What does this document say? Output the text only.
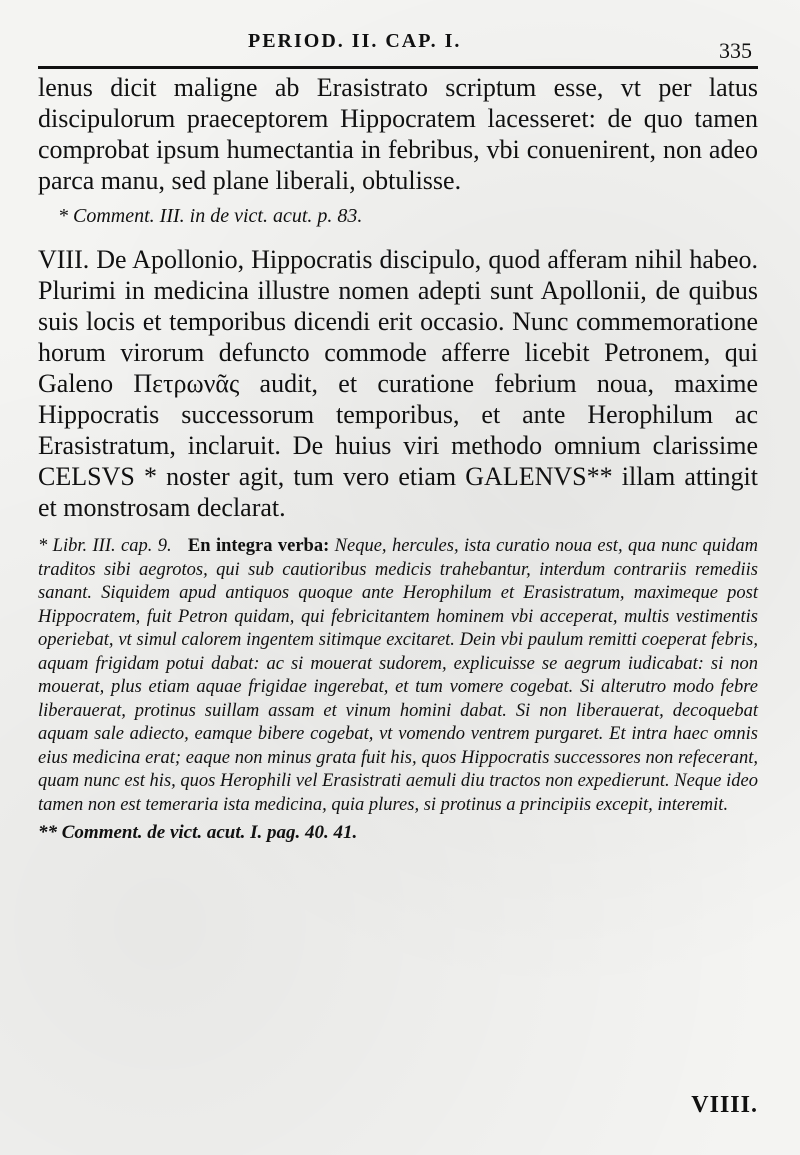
PERIOD. II. CAP. I.	335

lenus dicit maligne ab Erasistrato scriptum esse, vt per latus discipulorum praeceptorem Hippocratem lacesseret: de quo tamen comprobat ipsum humectantia in febribus, vbi conuenirent, non adeo parca manu, sed plane liberali, obtulisse.

* Comment. III. in de vict. acut. p. 83.

VIII. De Apollonio, Hippocratis discipulo, quod afferam nihil habeo. Plurimi in medicina illustre nomen adepti sunt Apollonii, de quibus suis locis et temporibus dicendi erit occasio. Nunc commemoratione horum virorum defuncto commode afferre licebit Petronem, qui Galeno Πετρωνᾶς audit, et curatione febrium noua, maxime Hippocratis successorum temporibus, et ante Herophilum ac Erasistratum, inclaruit. De huius viri methodo omnium clarissime CELSVS * noster agit, tum vero etiam GALENVS** illam attingit et monstrosam declarat.

* Libr. III. cap. 9. En integra verba: Neque, hercules, ista curatio noua est, qua nunc quidam traditos sibi aegrotos, qui sub cautioribus medicis trahebantur, interdum contrariis remediis sanant. Siquidem apud antiquos quoque ante Herophilum et Erasistratum, maximeque post Hippocratem, fuit Petron quidam, qui febricitantem hominem vbi acceperat, multis vestimentis operiebat, vt simul calorem ingentem sitimque excitaret. Dein vbi paulum remitti coeperat febris, aquam frigidam potui dabat: ac si mouerat sudorem, explicuisse se aegrum iudicabat: si non mouerat, plus etiam aquae frigidae ingerebat, et tum vomere cogebat. Si alterutro modo febre liberauerat, protinus suillam assam et vinum homini dabat. Si non liberauerat, decoquebat aquam sale adiecto, eamque bibere cogebat, vt vomendo ventrem purgaret. Et intra haec omnis eius medicina erat; eaque non minus grata fuit his, quos Hippocratis successores non refecerant, quam nunc est his, quos Herophili vel Erasistrati aemuli diu tractos non expedierunt. Neque ideo tamen non est temeraria ista medicina, quia plures, si protinus a principiis excepit, interemit.

** Comment. de vict. acut. I. pag. 40. 41.
VIIII.
